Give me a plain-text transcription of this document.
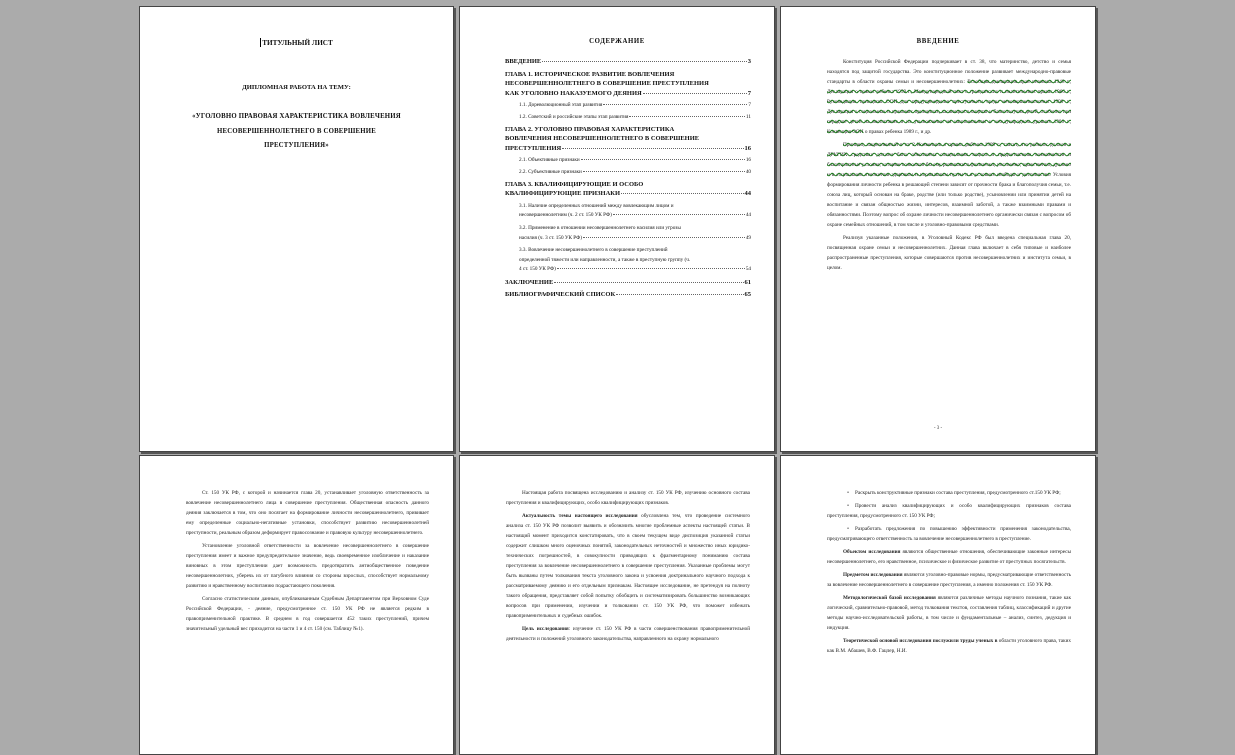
ТИТУЛЬНЫЙ ЛИСТ
ДИПЛОМНАЯ РАБОТА НА ТЕМУ:
«УГОЛОВНО ПРАВОВАЯ ХАРАКТЕРИСТИКА ВОВЛЕЧЕНИЯ
НЕСОВЕРШЕННОЛЕТНЕГО В СОВЕРШЕНИЕ
ПРЕСТУПЛЕНИЯ»
СОДЕРЖАНИЕ
ВВЕДЕНИЕ	3
ГЛАВА 1. ИСТОРИЧЕСКОЕ РАЗВИТИЕ ВОВЛЕЧЕНИЯ
НЕСОВЕРШЕННОЛЕТНЕГО В СОВЕРШЕНИЕ ПРЕСТУПЛЕНИЯ
КАК УГОЛОВНО НАКАЗУЕМОГО ДЕЯНИЯ	7
1.1. Дореволюционный этап развития	7
1.2. Советский и российские этапы этап развития	11
ГЛАВА 2. УГОЛОВНО ПРАВОВАЯ ХАРАКТЕРИСТИКА
ВОВЛЕЧЕНИЯ НЕСОВЕРШЕННОЛЕТНЕГО В СОВЕРШЕНИЕ
ПРЕСТУПЛЕНИЯ	16
2.1. Объективные признаки	16
2.2. Субъективные признаки	40
ГЛАВА 3. КВАЛИФИЦИРУЮЩИЕ И ОСОБО
КВАЛИФИЦИРУЮЩИЕ ПРИЗНАКИ	44
3.1. Наличие определенных отношений между вовлекающим лицом и
несовершеннолетним (ч. 2 ст. 150 УК РФ)	44
3.2. Применение в отношении несовершеннолетнего насилия или угрозы
насилия (ч. 3 ст. 150 УК РФ)	49
3.3. Вовлечение несовершеннолетнего в совершение преступлений
определенной тяжести или направленности, а также в преступную группу (ч.
4 ст. 150 УК РФ)	54
ЗАКЛЮЧЕНИЕ	61
БИБЛИОГРАФИЧЕСКИЙ СПИСОК	65
ВВЕДЕНИЕ

Конституция Российской Федерации подчеркивает в ст. 38, что материнство, детство и семья находятся под защитой государства. Это конституционное положение развивает международно-правовые стандарты в области охраны семьи и несовершеннолетних: Всеобщая декларация прав человека 1948 г., Декларация о правах ребенка 1959 г., Международный пакт о гражданских и политических правах 1966 г., Руководящие принципы ООН для предупреждения преступности среди несовершеннолетних 1990 г., Декларация о социальных и правовых принципах, касающихся защиты и благополучия детей, особенно при передаче детей на воспитание и их усыновлении на национальном и международном уровнях 1986 г., Конвенция ООН о правах ребенка 1989 г., и др.

Принцип, закрепленный в ст. 2 Конвенции о правах ребенка 1989 г., гласит, что ребенок должен в ДРУГИХ средствах должен быть обеспечена специальная защита и предоставлены возможности и благоприятные условия, которые позволяли бы ему развиваться физически, умственно, нравственно, духовно и в социальном отношении здоровым и нормальным путем и в условиях свободы и достоинства. Условия формирования личности ребенка в решающей степени зависят от прочности брака и благополучия семьи, т.е. союза лиц, который основан на браке, родстве (или только родстве), усыновлении или принятии детей на воспитание и связан общностью жизни, интересов, взаимной заботой, а также взаимными правами и обязанностями. Поэтому вопрос об охране личности несовершеннолетнего органически связан с вопросом об охране семейных отношений, в том числе и уголовно-правовыми средствами.

Реализуя указанные положения, в Уголовный Кодекс РФ был введена специальная глава 20, посвященная охране семьи и несовершеннолетних. Данная глава включает в себя типовые и наиболее распространенные преступления, которые совершаются против несовершеннолетних и института семьи, в целом.

- 3 -

Ст. 150 УК РФ, с которой и начинается глава 20, устанавливает уголовную ответственность за вовлечение несовершеннолетнего лица в совершение преступления. Общественная опасность данного деяния заключается в том, что оно посягает на формирование личности несовершеннолетнего, прививает ему определенные социально-негативные установки, способствует развитию несовершеннолетней преступности, реальным образом деформирует правосознание и правовую культуру несовершеннолетнего.

Установление уголовной ответственности за вовлечение несовершеннолетнего в совершение преступления имеет и важное предупредительное значение, ведь своевременное изобличение и наказание виновных в этом преступлении дает возможность предотвратить антиобщественное поведение несовершеннолетних, уберечь их от пагубного влияния со стороны взрослых, способствует нормальному развитию и нравственному воспитанию подрастающего поколения.

Согласно статистическим данным, опубликованным Судебным Департаментом при Верховном Суде Российской Федерации, - деяние, предусмотренное ст. 150 УК РФ не является редким в правоприменительной практике. В среднем в год совершается 452 таких преступлений, причем значительный удельный вес приходится на части 1 и 4 ст. 150 (см. Таблицу №1).

Настоящая работа посвящена исследованию и анализу ст. 150 УК РФ, изучению основного состава преступления и квалифицирующих, особо квалифицирующих признаков.

Актуальность темы настоящего исследования обусловлена тем, что проведение системного анализа ст. 150 УК РФ позволит выявить и обозначить многие проблемные аспекты настоящей статьи. В настоящий момент приходится констатировать, что в своем текущем виде диспозиция указанной статьи содержит слишком много оценочных понятий, законодательных неточностей и множество иных юридико-технических погрешностей, в совокупности приводящих к фрагментарному пониманию состава преступления за вовлечение несовершеннолетнего в совершение преступления. Указанные проблемы могут быть вызваны путем толкования текста уголовного закона и усвоения доктринального научного подхода к рассматриваемому деянию и его отдельным признакам. Настоящее исследование, не претендуя на полноту такого обращения, представляет собой попытку обобщить и систематизировать большинство возникающих вопросов при применении, изучении и толковании ст. 150 УК РФ, что поможет избежать правоприменительных и судебных ошибок.

Цель исследования: изучение ст. 150 УК РФ в части совершенствования правоприменительной деятельности и положений уголовного законодательства, направленного на охрану нормального

• Раскрыть конструктивные признаки состава преступления, предусмотренного ст.150 УК РФ;

• Провести анализ квалифицирующих и особо квалифицирующих признаков состава преступления, предусмотренного ст. 150 УК РФ;

• Разработать предложения по повышению эффективности применения законодательства, предусматривающего ответственность за вовлечение несовершеннолетнего в преступление.

Объектом исследования являются общественные отношения, обеспечивающие законные интересы несовершеннолетнего, его нравственное, психическое и физическое развитие от преступных посягательств.

Предметом исследования являются уголовно-правовые нормы, предусматривающие ответственность за вовлечение несовершеннолетнего в совершение преступления, а именно положения ст. 150 УК РФ.

Методологической базой исследования являются различные методы научного познания, такие как логический, сравнительно-правовой, метод толкования текстов, составления таблиц, классификаций и другие методы научно-исследовательской работы, в том числе и фундаментальные – анализ, синтез, дедукция и индукция.

Теоретической основой исследования послужили труды ученых в области уголовного права, таких как В.М. Абашев, В.Ф. Гацлер, Н.И.
